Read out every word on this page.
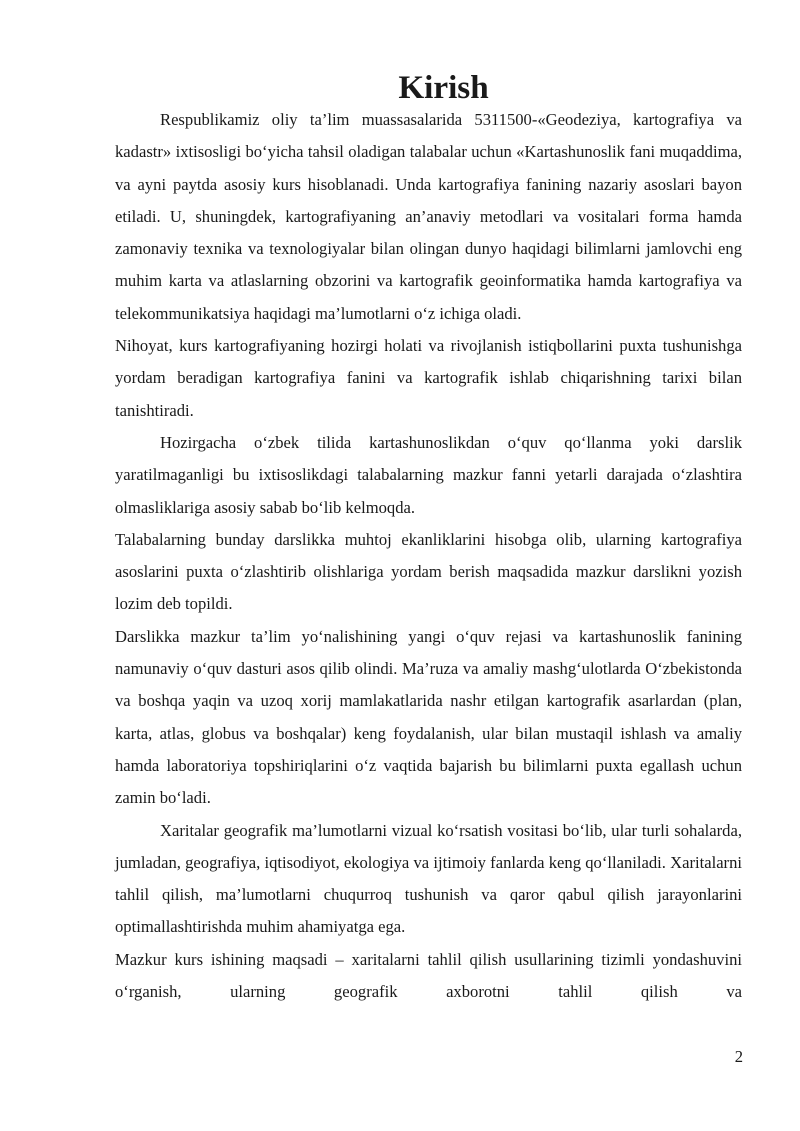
Kirish

Respublikamiz oliy ta’lim muassasalarida 5311500-«Geodeziya, kartografiya va kadastr» ixtisosligi bo‘yicha tahsil oladigan talabalar uchun «Kartashunoslik fani muqaddima, va ayni paytda asosiy kurs hisoblanadi. Unda kartografiya fanining nazariy asoslari bayon etiladi. U, shuningdek, kartografiyaning an’anaviy metodlari va vositalari forma hamda zamonaviy texnika va texnologiyalar bilan olingan dunyo haqidagi bilimlarni jamlovchi eng muhim karta va atlaslarning obzorini va kartografik geoinformatika hamda kartografiya va telekommunikatsiya haqidagi ma’lumotlarni o‘z ichiga oladi.

Nihoyat, kurs kartografiyaning hozirgi holati va rivojlanish istiqbollarini puxta tushunishga yordam beradigan kartografiya fanini va kartografik ishlab chiqarishning tarixi bilan tanishtiradi.

Hozirgacha o‘zbek tilida kartashunoslikdan o‘quv qo‘llanma yoki darslik yaratilmaganligi bu ixtisoslikdagi talabalarning mazkur fanni yetarli darajada o‘zlashtira olmasliklariga asosiy sabab bo‘lib kelmoqda.

Talabalarning bunday darslikka muhtoj ekanliklarini hisobga olib, ularning kartografiya asoslarini puxta o‘zlashtirib olishlariga yordam berish maqsadida mazkur darslikni yozish lozim deb topildi.

Darslikka mazkur ta’lim yo‘nalishining yangi o‘quv rejasi va kartashunoslik fanining namunaviy o‘quv dasturi asos qilib olindi. Ma’ruza va amaliy mashg‘ulotlarda O‘zbekistonda va boshqa yaqin va uzoq xorij mamlakatlarida nashr etilgan kartografik asarlardan (plan, karta, atlas, globus va boshqalar) keng foydalanish, ular bilan mustaqil ishlash va amaliy hamda laboratoriya topshiriqlarini o‘z vaqtida bajarish bu bilimlarni puxta egallash uchun zamin bo‘ladi.

Xaritalar geografik ma’lumotlarni vizual ko‘rsatish vositasi bo‘lib, ular turli sohalarda, jumladan, geografiya, iqtisodiyot, ekologiya va ijtimoiy fanlarda keng qo‘llaniladi. Xaritalarni tahlil qilish, ma’lumotlarni chuqurroq tushunish va qaror qabul qilish jarayonlarini optimallashtirishda muhim ahamiyatga ega.

Mazkur kurs ishining maqsadi – xaritalarni tahlil qilish usullarining tizimli yondashuvini o‘rganish, ularning geografik axborotni tahlil qilish va

2
